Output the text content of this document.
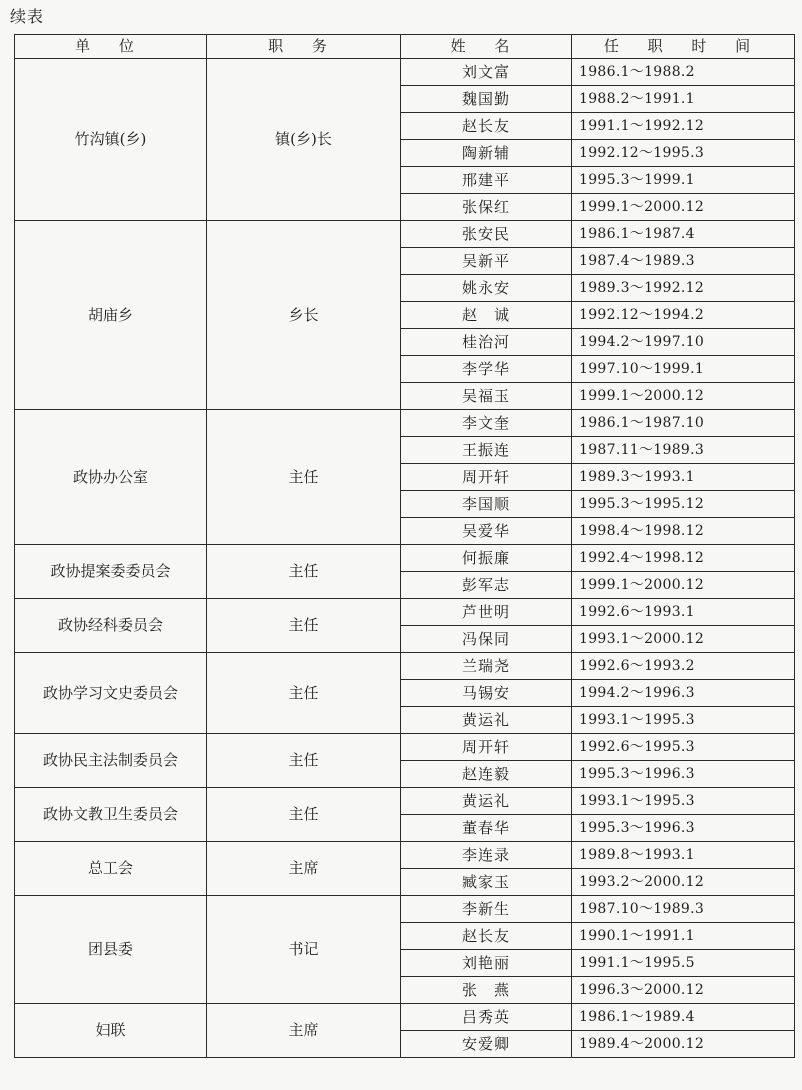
续表
单 位	职 务	姓 名	任 职 时 间
竹沟镇(乡)	镇(乡)长	刘文富	1986.1～1988.2
		魏国勤	1988.2～1991.1
		赵长友	1991.1～1992.12
		陶新辅	1992.12～1995.3
		邢建平	1995.3～1999.1
		张保红	1999.1～2000.12
胡庙乡	乡长	张安民	1986.1～1987.4
		吴新平	1987.4～1989.3
		姚永安	1989.3～1992.12
		赵　诚	1992.12～1994.2
		桂治河	1994.2～1997.10
		李学华	1997.10～1999.1
		吴福玉	1999.1～2000.12
政协办公室	主任	李文奎	1986.1～1987.10
		王振连	1987.11～1989.3
		周开轩	1989.3～1993.1
		李国顺	1995.3～1995.12
		吴爱华	1998.4～1998.12
政协提案委委员会	主任	何振廉	1992.4～1998.12
		彭军志	1999.1～2000.12
政协经科委员会	主任	芦世明	1992.6～1993.1
		冯保同	1993.1～2000.12
政协学习文史委员会	主任	兰瑞尧	1992.6～1993.2
		马锡安	1994.2～1996.3
		黄运礼	1993.1～1995.3
政协民主法制委员会	主任	周开轩	1992.6～1995.3
		赵连毅	1995.3～1996.3
政协文教卫生委员会	主任	黄运礼	1993.1～1995.3
		董春华	1995.3～1996.3
总工会	主席	李连录	1989.8～1993.1
		臧家玉	1993.2～2000.12
团县委	书记	李新生	1987.10～1989.3
		赵长友	1990.1～1991.1
		刘艳丽	1991.1～1995.5
		张　燕	1996.3～2000.12
妇联	主席	吕秀英	1986.1～1989.4
		安爱卿	1989.4～2000.12
